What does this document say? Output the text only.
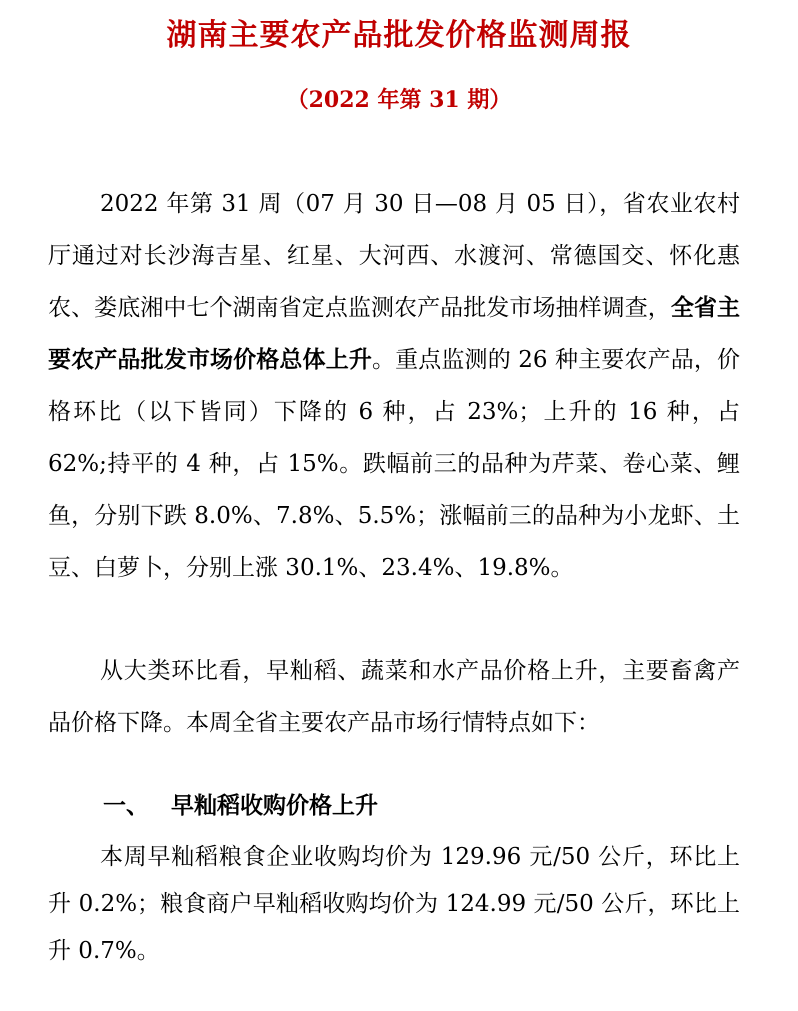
湖南主要农产品批发价格监测周报
（2022 年第 31 期）

2022 年第 31 周（07 月 30 日—08 月 05 日），省农业农村厅通过对长沙海吉星、红星、大河西、水渡河、常德国交、怀化惠农、娄底湘中七个湖南省定点监测农产品批发市场抽样调查，全省主要农产品批发市场价格总体上升。重点监测的 26 种主要农产品，价格环比（以下皆同）下降的 6 种，占 23%；上升的 16 种，占 62%;持平的 4 种，占 15%。跌幅前三的品种为芹菜、卷心菜、鲤鱼，分别下跌 8.0%、7.8%、5.5%；涨幅前三的品种为小龙虾、土豆、白萝卜，分别上涨 30.1%、23.4%、19.8%。

从大类环比看，早籼稻、蔬菜和水产品价格上升，主要畜禽产品价格下降。本周全省主要农产品市场行情特点如下：

一、 早籼稻收购价格上升

本周早籼稻粮食企业收购均价为 129.96 元/50 公斤，环比上升 0.2%；粮食商户早籼稻收购均价为 124.99 元/50 公斤，环比上升 0.7%。
